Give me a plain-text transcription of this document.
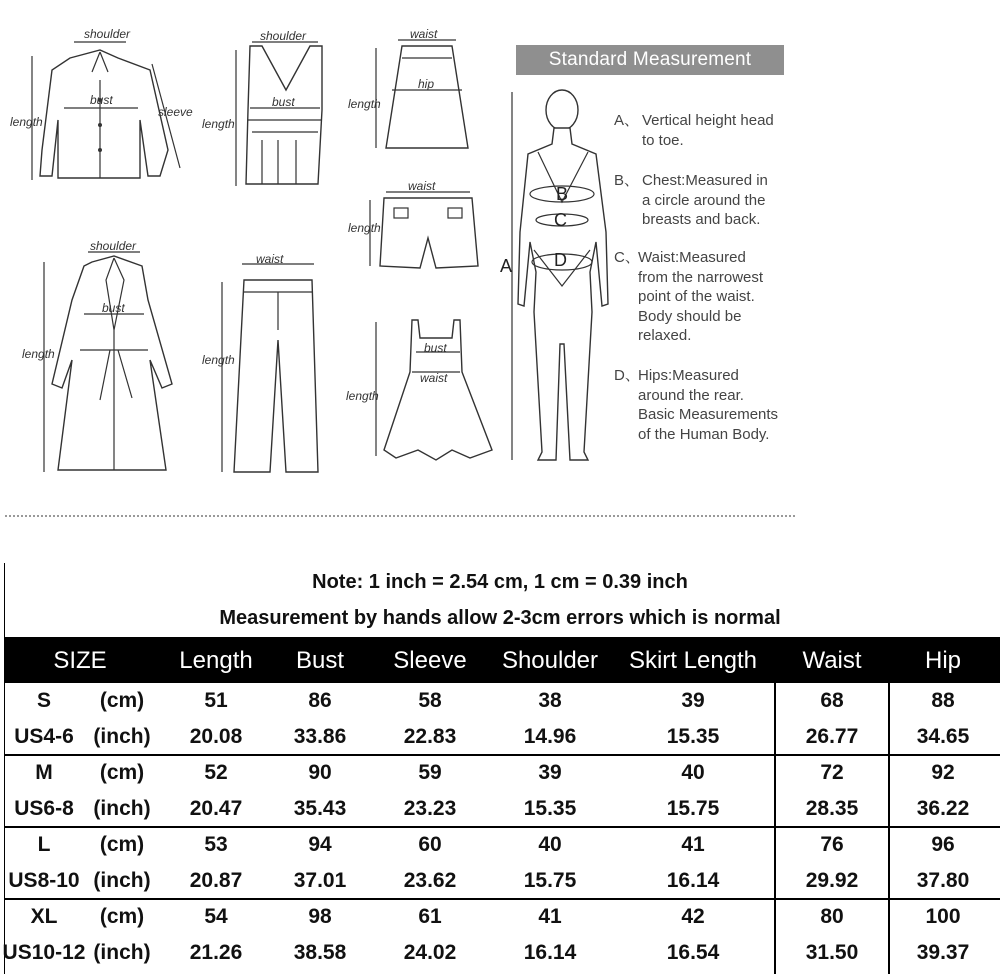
shoulder
bust
sleeve
length
shoulder
bust
length
waist
hip
length
waist
length
shoulder
bust
length
waist
length
bust
waist
length
Standard Measurement
B
C
D
A
A、 Vertical height head
to toe.
B、 Chest:Measured in
a circle around the
breasts and back.
C、
Waist:Measured
from the narrowest
point of the waist.
Body should be
relaxed.
D、
Hips:Measured
around the rear.
Basic Measurements
of the Human Body.
Note: 1 inch = 2.54 cm, 1 cm = 0.39 inch
Measurement by hands allow 2-3cm errors which is normal
SIZE	Length	Bust	Sleeve	Shoulder	Skirt Length	Waist	Hip
S	(cm)	51	86	58	38	39	68	88
US4-6 (inch)	20.08	33.86	22.83	14.96	15.35	26.77	34.65
M	(cm)	52	90	59	39	40	72	92
US6-8 (inch)	20.47	35.43	23.23	15.35	15.75	28.35	36.22
L	(cm)	53	94	60	40	41	76	96
US8-10 (inch)	20.87	37.01	23.62	15.75	16.14	29.92	37.80
XL	(cm)	54	98	61	41	42	80	100
US10-12 (inch)	21.26	38.58	24.02	16.14	16.54	31.50	39.37
